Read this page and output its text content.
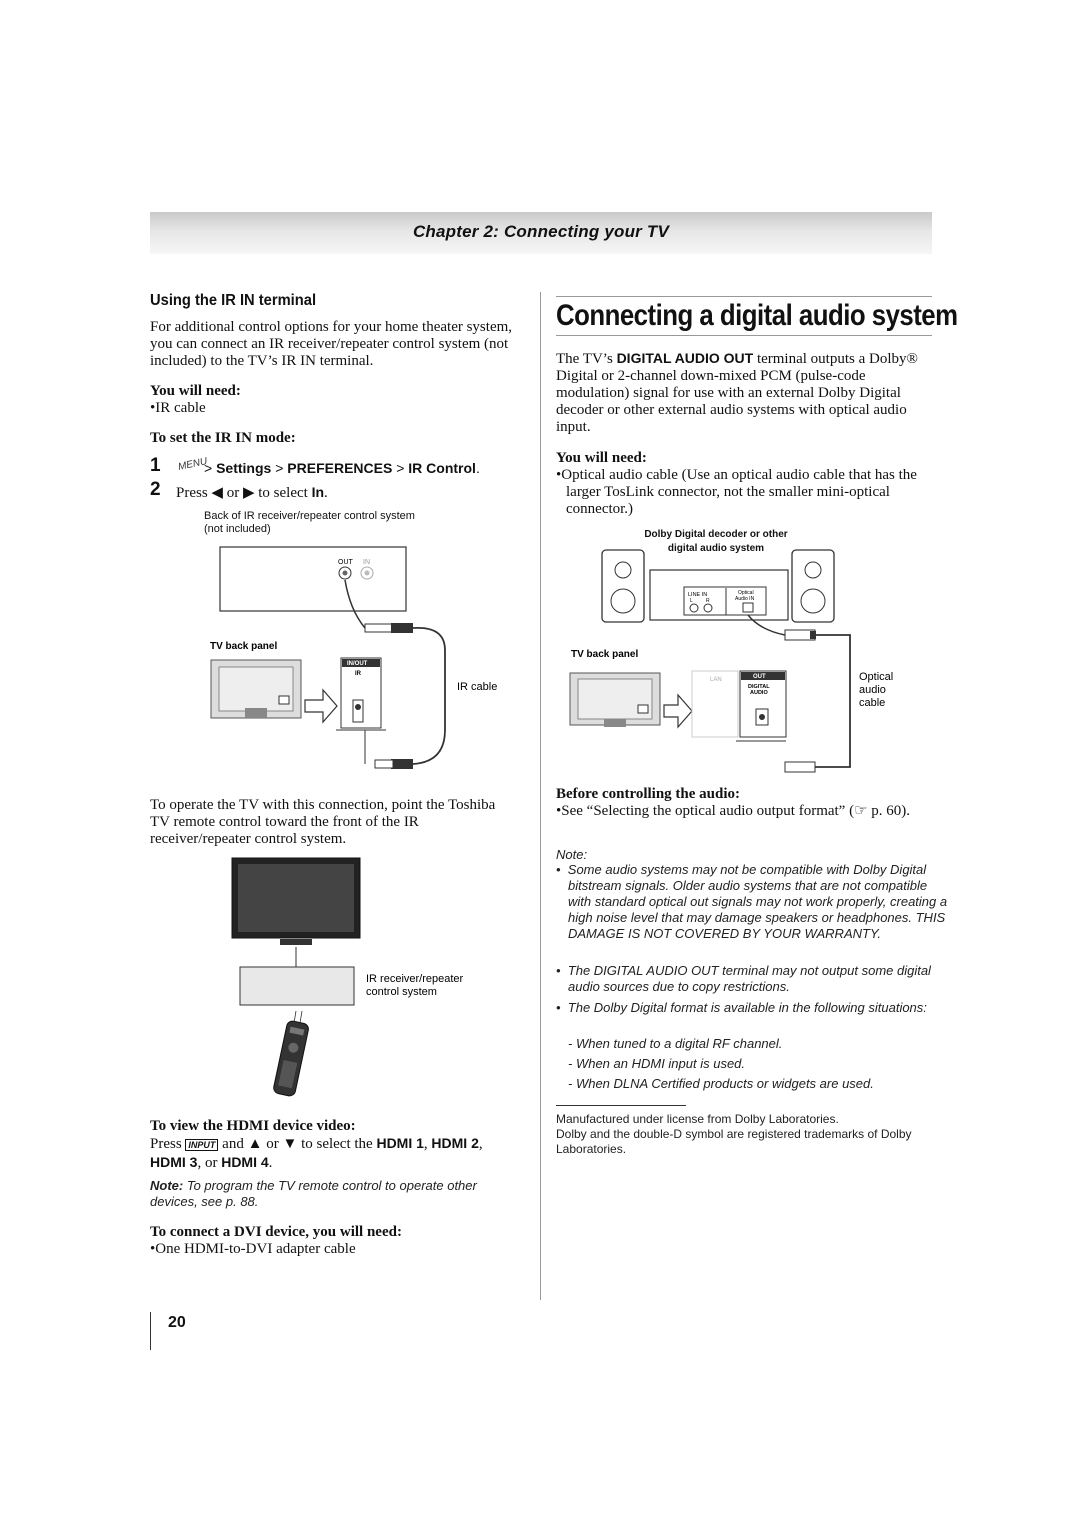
Chapter 2: Connecting your TV
Using the IR IN terminal
For additional control options for your home theater system, you can connect an IR receiver/repeater control system (not included) to the TV’s IR IN terminal.
You will need:
•IR cable
To set the IR IN mode:
1 MENU
> Settings > PREFERENCES > IR Control.
2 Press ◀ or ▶ to select In.
Back of IR receiver/repeater control system
(not included)
OUT IN
IR cable
TV back panel
IN/OUT
IR
To operate the TV with this connection, point the Toshiba TV remote control toward the front of the IR receiver/repeater control system.
IR receiver/repeater
control system
To view the HDMI device video:
Press INPUT and ▲ or ▼ to select the HDMI 1, HDMI 2, HDMI 3, or HDMI 4.
Note: To program the TV remote control to operate other devices, see p. 88.
To connect a DVI device, you will need:
•One HDMI-to-DVI adapter cable
Connecting a digital audio system
The TV’s DIGITAL AUDIO OUT terminal outputs a Dolby® Digital or 2-channel down-mixed PCM (pulse-code modulation) signal for use with an external Dolby Digital decoder or other external audio systems with optical audio input.
You will need:
•Optical audio cable (Use an optical audio cable that has the larger TosLink connector, not the smaller mini-optical connector.)
Dolby Digital decoder or other
digital audio system
LINE IN
L	R
Optical
Audio IN
Optical
audio
cable
TV back panel
LAN	OUT
DIGITAL
AUDIO
Before controlling the audio:
•See “Selecting the optical audio output format” (☞ p. 60).
Note:
•  Some audio systems may not be compatible with Dolby Digital bitstream signals. Older audio systems that are not compatible with standard optical out signals may not work properly, creating a high noise level that may damage speakers or headphones. THIS DAMAGE IS NOT COVERED BY YOUR WARRANTY.
•  The DIGITAL AUDIO OUT terminal may not output some digital audio sources due to copy restrictions.
•  The Dolby Digital format is available in the following situations:
- When tuned to a digital RF channel.
- When an HDMI input is used.
- When DLNA Certified products or widgets are used.
Manufactured under license from Dolby Laboratories.
Dolby and the double-D symbol are registered trademarks of Dolby Laboratories.
20
